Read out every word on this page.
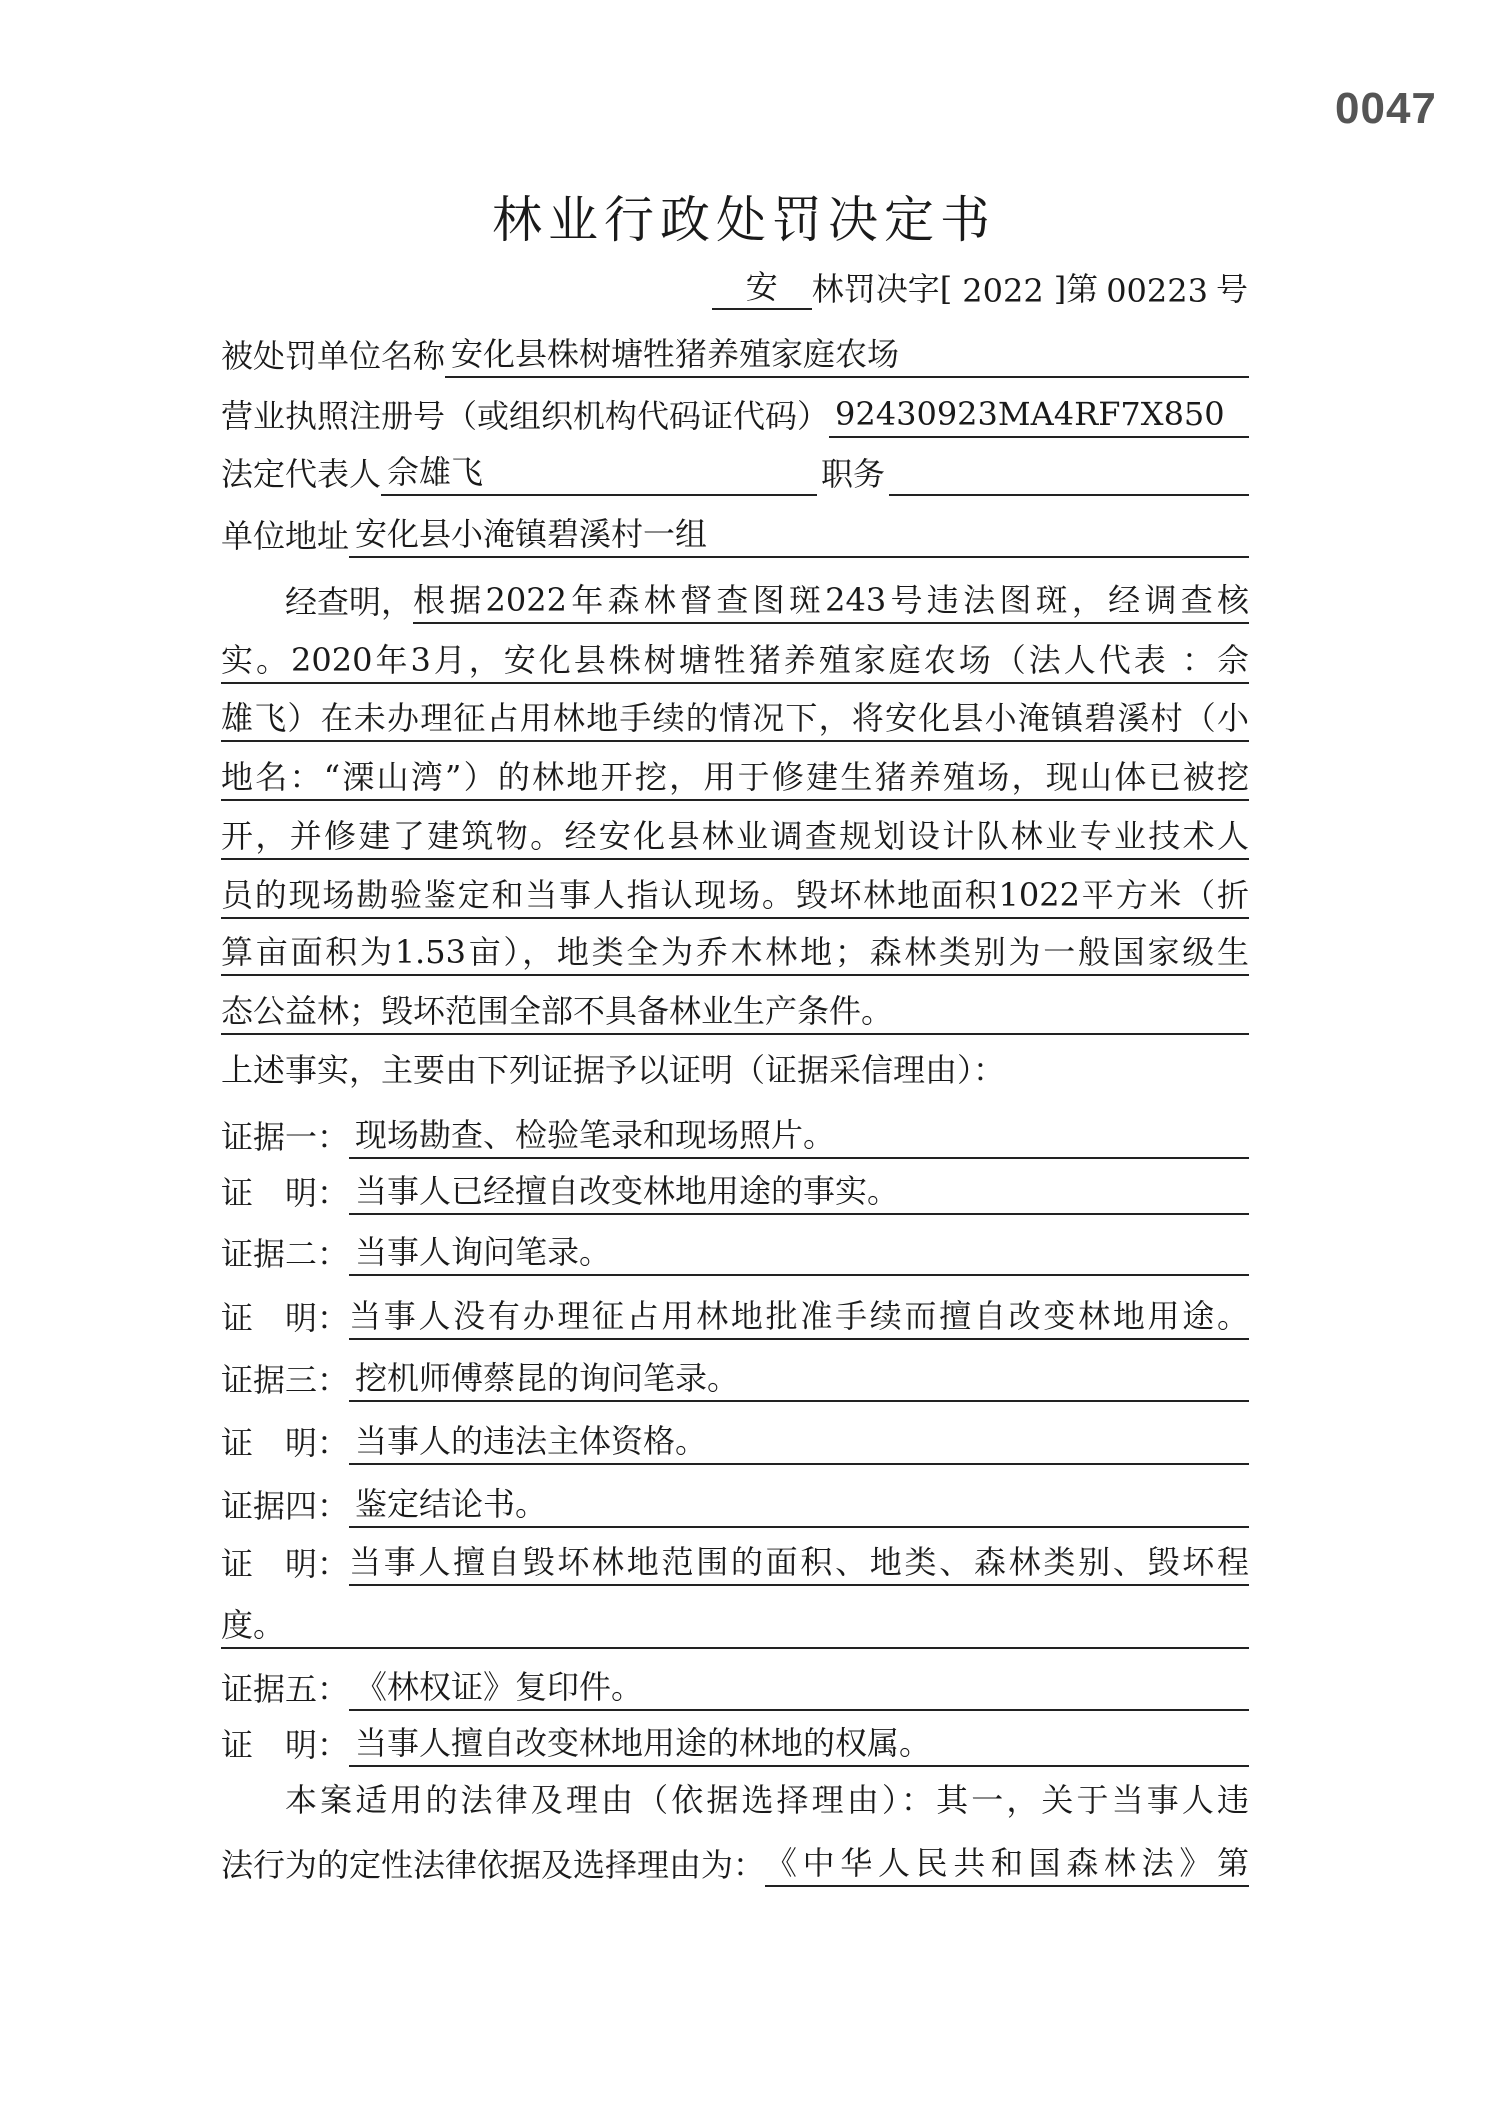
0047
林业行政处罚决定书
安	林罚决字[ 2022 ]第 00223 号
被处罚单位名称 安化县株树塘牲猪养殖家庭农场
营业执照注册号（或组织机构代码证代码） 92430923MA4RF7X850
法定代表人 佘雄飞	职务
单位地址 安化县小淹镇碧溪村一组
经查明， 根据2022年森林督查图斑243号违法图斑，经调查核
实。2020年3月，安化县株树塘牲猪养殖家庭农场（法人代表 ：佘
雄飞）在未办理征占用林地手续的情况下，将安化县小淹镇碧溪村（小
地名：“溧山湾”）的林地开挖，用于修建生猪养殖场，现山体已被挖
开，并修建了建筑物。经安化县林业调查规划设计队林业专业技术人
员的现场勘验鉴定和当事人指认现场。毁坏林地面积1022平方米（折
算亩面积为1.53亩），地类全为乔木林地；森林类别为一般国家级生
态公益林；毁坏范围全部不具备林业生产条件。
上述事实，主要由下列证据予以证明（证据采信理由）：
证据一： 现场勘查、检验笔录和现场照片。
证　明： 当事人已经擅自改变林地用途的事实。
证据二： 当事人询问笔录。
证　明： 当事人没有办理征占用林地批准手续而擅自改变林地用途。
证据三： 挖机师傅蔡昆的询问笔录。
证　明： 当事人的违法主体资格。
证据四： 鉴定结论书。
证　明： 当事人擅自毁坏林地范围的面积、地类、森林类别、毁坏程
度。
证据五： 《林权证》复印件。
证　明： 当事人擅自改变林地用途的林地的权属。
本案适用的法律及理由（依据选择理由）：其一，关于当事人违
法行为的定性法律依据及选择理由为： 《中华人民共和国森林法》第
